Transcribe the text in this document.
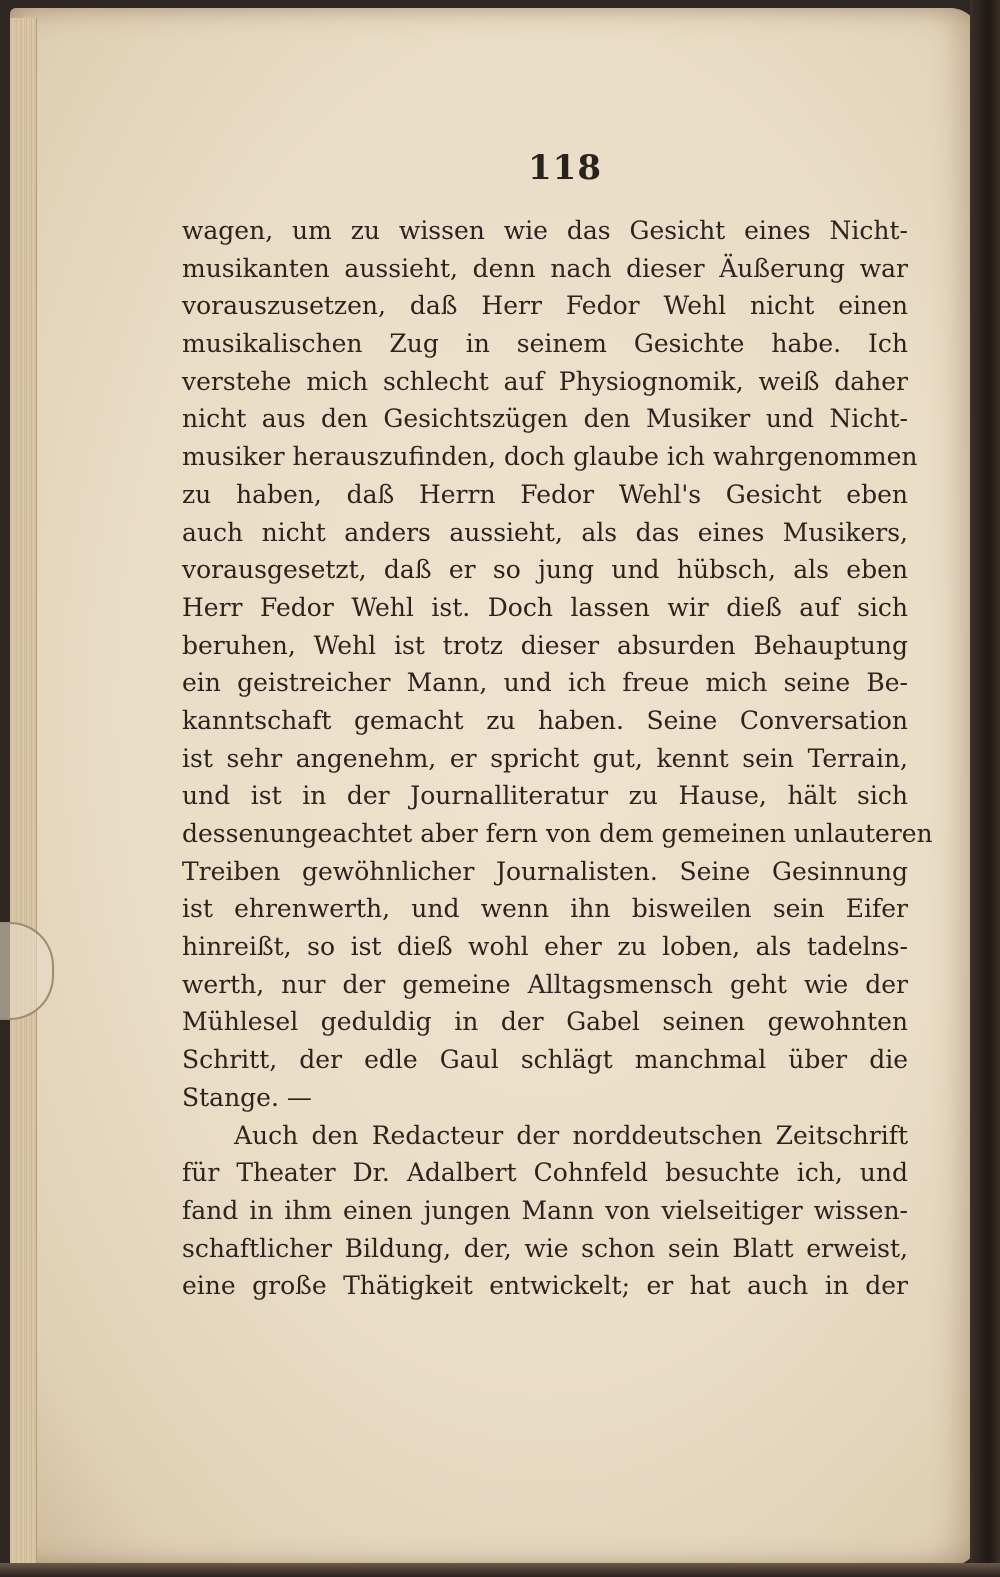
118
wagen, um zu wissen wie das Gesicht eines Nicht-
musikanten aussieht, denn nach dieser Äußerung war
vorauszusetzen, daß Herr Fedor Wehl nicht einen
musikalischen Zug in seinem Gesichte habe. Ich
verstehe mich schlecht auf Physiognomik, weiß daher
nicht aus den Gesichtszügen den Musiker und Nicht-
musiker herauszufinden, doch glaube ich wahrgenommen
zu haben, daß Herrn Fedor Wehl's Gesicht eben
auch nicht anders aussieht, als das eines Musikers,
vorausgesetzt, daß er so jung und hübsch, als eben
Herr Fedor Wehl ist. Doch lassen wir dieß auf sich
beruhen, Wehl ist trotz dieser absurden Behauptung
ein geistreicher Mann, und ich freue mich seine Be-
kanntschaft gemacht zu haben. Seine Conversation
ist sehr angenehm, er spricht gut, kennt sein Terrain,
und ist in der Journalliteratur zu Hause, hält sich
dessenungeachtet aber fern von dem gemeinen unlauteren
Treiben gewöhnlicher Journalisten. Seine Gesinnung
ist ehrenwerth, und wenn ihn bisweilen sein Eifer
hinreißt, so ist dieß wohl eher zu loben, als tadelns-
werth, nur der gemeine Alltagsmensch geht wie der
Mühlesel geduldig in der Gabel seinen gewohnten
Schritt, der edle Gaul schlägt manchmal über die
Stange. —
Auch den Redacteur der norddeutschen Zeitschrift
für Theater Dr. Adalbert Cohnfeld besuchte ich, und
fand in ihm einen jungen Mann von vielseitiger wissen-
schaftlicher Bildung, der, wie schon sein Blatt erweist,
eine große Thätigkeit entwickelt; er hat auch in der
